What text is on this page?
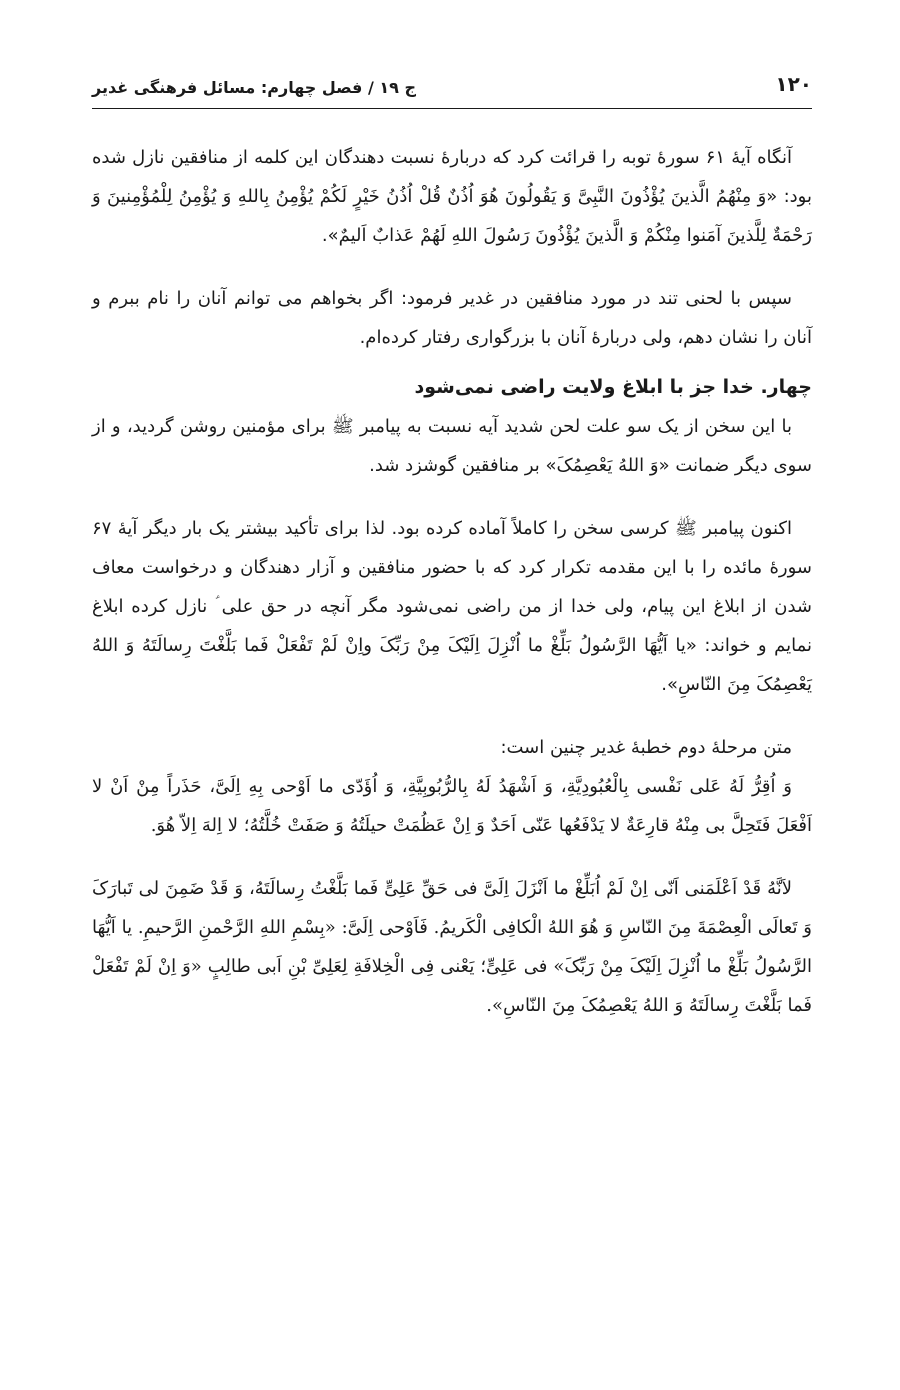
۱۲۰
ج ۱۹ / فصل چهارم: مسائل فرهنگی غدیر

آنگاه آیهٔ ۶۱ سورهٔ توبه را قرائت کرد که دربارهٔ نسبت دهندگان این کلمه از منافقین نازل شده بود: «وَ مِنْهُمُ الَّذینَ یُؤْذُونَ النَّبِیَّ وَ یَقُولُونَ هُوَ اُذُنٌ قُلْ اُذُنُ خَیْرٍ لَکُمْ یُؤْمِنُ بِاللهِ وَ یُؤْمِنُ لِلْمُؤْمِنینَ وَ رَحْمَةٌ لِلَّذینَ آمَنوا مِنْکُمْ وَ الَّذینَ یُؤْذُونَ رَسُولَ اللهِ لَهُمْ عَذابٌ اَلیمٌ».

سپس با لحنی تند در مورد منافقین در غدیر فرمود: اگر بخواهم می توانم آنان را نام ببرم و آنان را نشان دهم، ولی دربارهٔ آنان با بزرگواری رفتار کرده‌ام.

چهار. خدا جز با ابلاغ ولایت راضی نمی‌شود

با این سخن از یک سو علت لحن شدید آیه نسبت به پیامبر ﷺ برای مؤمنین روشن گردید، و از سوی دیگر ضمانت «وَ اللهُ یَعْصِمُکَ» بر منافقین گوشزد شد.

اکنون پیامبر ﷺ کرسی سخن را کاملاً آماده کرده بود. لذا برای تأکید بیشتر یک بار دیگر آیهٔ ۶۷ سورهٔ مائده را با این مقدمه تکرار کرد که با حضور منافقین و آزار دهندگان و درخواست معاف شدن از ابلاغ این پیام، ولی خدا از من راضی نمی‌شود مگر آنچه در حق علی ؑ نازل کرده ابلاغ نمایم و خواند: «یا اَیُّهَا الرَّسُولُ بَلِّغْ ما اُنْزِلَ اِلَیْکَ مِنْ رَبِّکَ واِنْ لَمْ تَفْعَلْ فَما بَلَّغْتَ رِسالَتَهُ وَ اللهُ یَعْصِمُکَ مِنَ النّاسِ».

متن مرحلهٔ دوم خطبهٔ غدیر چنین است:

وَ اُقِرُّ لَهُ عَلی نَفْسی بِالْعُبُودِیَّةِ، وَ اَشْهَدُ لَهُ بِالرُّبُوبِیَّةِ، وَ اُؤَدّی ما اَوْحی بِهِ اِلَیَّ، حَذَراً مِنْ اَنْ لا اَفْعَلَ فَتَحِلَّ بی مِنْهُ قارِعَةٌ لا یَدْفَعُها عَنّی اَحَدٌ وَ اِنْ عَظُمَتْ حیلَتُهُ وَ صَفَتْ خُلَّتُهُ؛ لا اِلهَ اِلاّ هُوَ.

لاَنَّهُ قَدْ اَعْلَمَنی اَنّی اِنْ لَمْ اُبَلِّغْ ما اَنْزَلَ اِلَیَّ فی حَقِّ عَلِیٍّ فَما بَلَّغْتُ رِسالَتَهُ، وَ قَدْ ضَمِنَ لی تَبارَکَ وَ تَعالَی الْعِصْمَةَ مِنَ النّاسِ وَ هُوَ اللهُ الْکافِی الْکَریمُ. فَاَوْحی اِلَیَّ: «بِسْمِ اللهِ الرَّحْمنِ الرَّحیمِ. یا اَیُّهَا الرَّسُولُ بَلِّغْ ما اُنْزِلَ اِلَیْکَ مِنْ رَبِّکَ» فی عَلِیٍّ؛ یَعْنی فِی الْخِلافَةِ لِعَلِیِّ بْنِ اَبی طالِبٍ «وَ اِنْ لَمْ تَفْعَلْ فَما بَلَّغْتَ رِسالَتَهُ وَ اللهُ یَعْصِمُکَ مِنَ النّاسِ».
